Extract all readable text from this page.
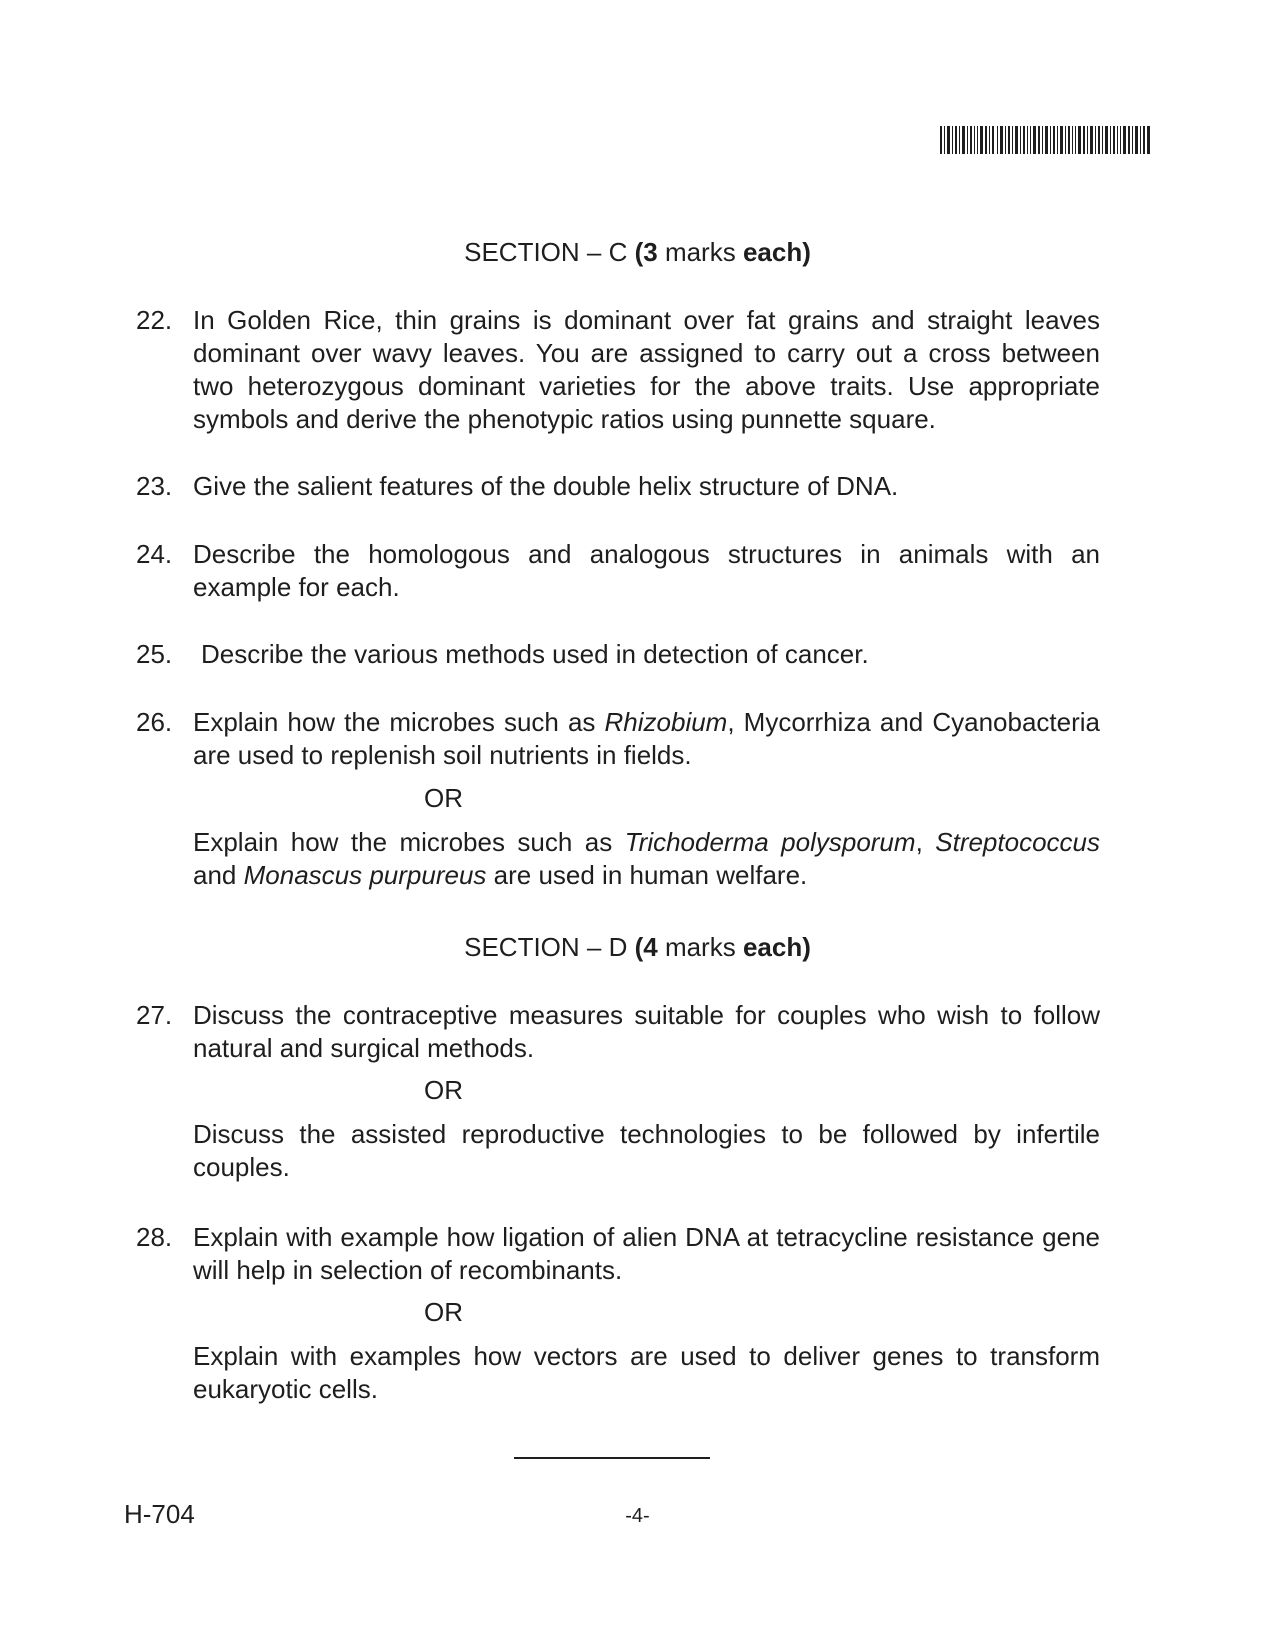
SECTION – C (3 marks each)
22. In Golden Rice, thin grains is dominant over fat grains and straight leaves dominant over wavy leaves. You are assigned to carry out a cross between two heterozygous dominant varieties for the above traits. Use appropriate symbols and derive the phenotypic ratios using punnette square.
23. Give the salient features of the double helix structure of DNA.
24. Describe the homologous and analogous structures in animals with an example for each.
25.	Describe the various methods used in detection of cancer.
26. Explain how the microbes such as Rhizobium, Mycorrhiza and Cyanobacteria are used to replenish soil nutrients in fields.
OR
Explain how the microbes such as Trichoderma polysporum, Streptococcus and Monascus purpureus are used in human welfare.
SECTION – D (4 marks each)
27. Discuss the contraceptive measures suitable for couples who wish to follow natural and surgical methods.
OR
Discuss the assisted reproductive technologies to be followed by infertile couples.
28. Explain with example how ligation of alien DNA at tetracycline resistance gene will help in selection of recombinants.
OR
Explain with examples how vectors are used to deliver genes to transform eukaryotic cells.
H-704	-4-
